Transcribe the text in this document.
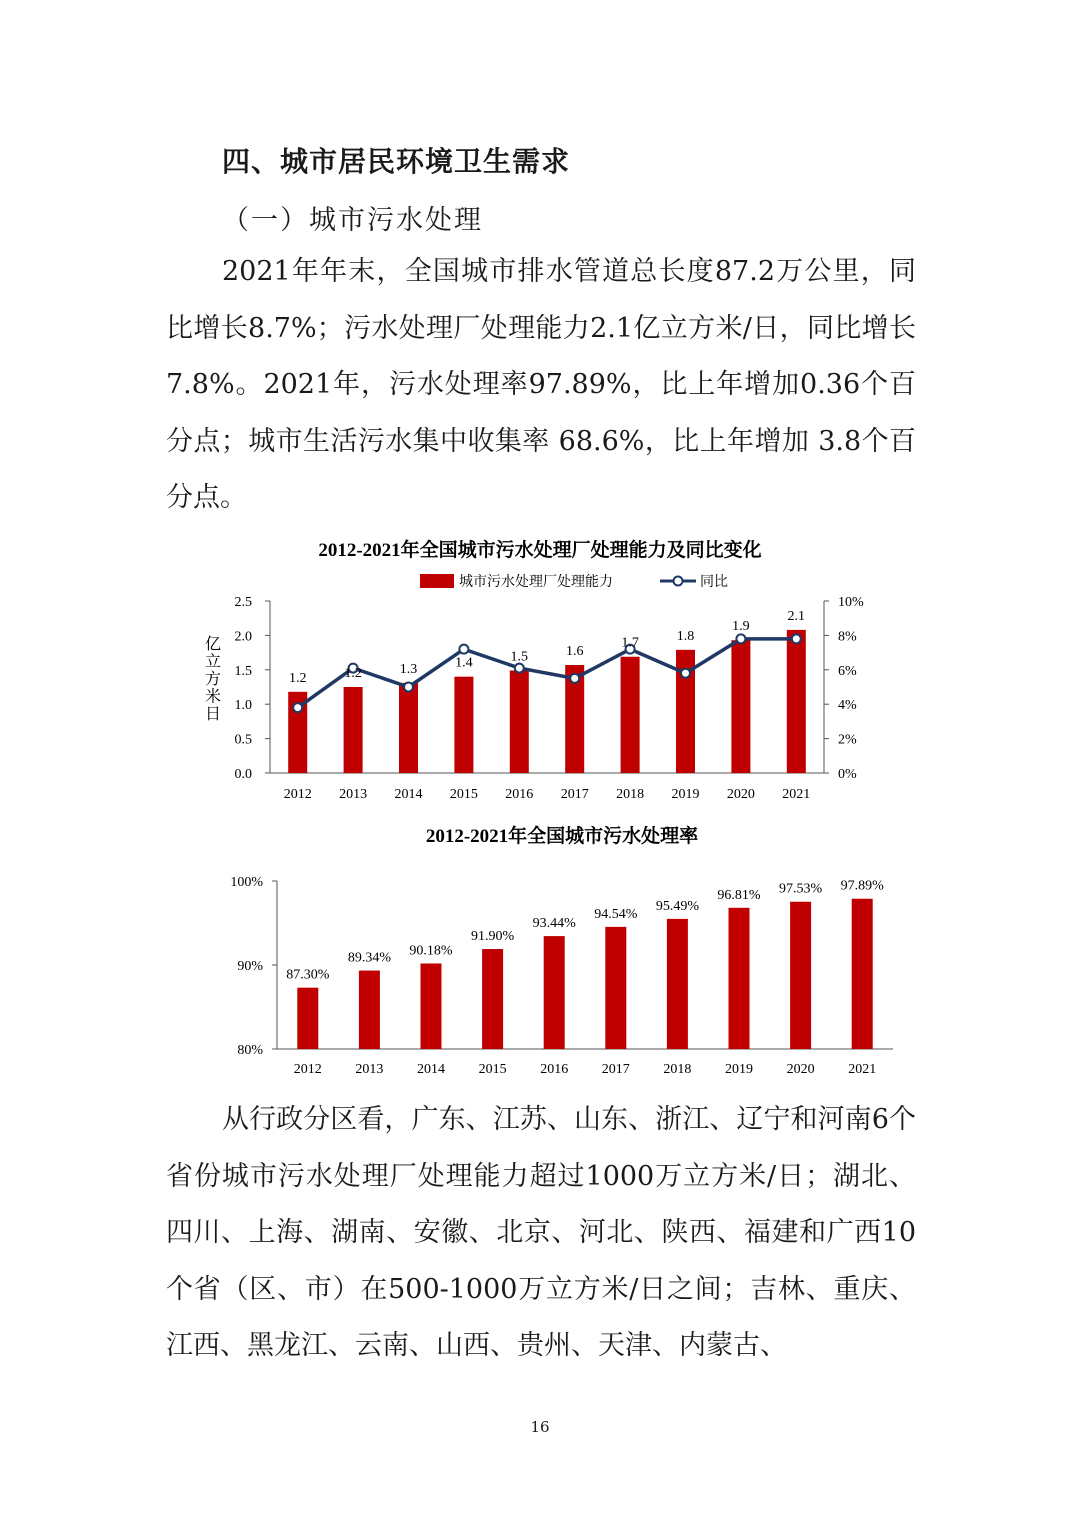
四、城市居民环境卫生需求
（一）城市污水处理

2021年年末，全国城市排水管道总长度87.2万公里，同比增长8.7%；污水处理厂处理能力2.1亿立方米/日，同比增长7.8%。2021年，污水处理率97.89%，比上年增加0.36个百分点；城市生活污水集中收集率 68.6%，比上年增加 3.8个百分点。

2012-2021年全国城市污水处理厂处理能力及同比变化
城市污水处理厂处理能力	同比
0.0
0.5
1.0
1.5
2.0
2.5
0%
2%
4%
6%
8%
10%
亿立方米日
1.2
2012
1.2
2013
1.3
2014
1.4
2015
1.5
2016
1.6
2017
1.7
2018
1.8
2019
1.9
2020
2.1
2021
2012-2021年全国城市污水处理率
80%
90%
100%
87.30%
2012
89.34%
2013
90.18%
2014
91.90%
2015
93.44%
2016
94.54%
2017
95.49%
2018
96.81%
2019
97.53%
2020
97.89%
2021

从行政分区看，广东、江苏、山东、浙江、辽宁和河南6个省份城市污水处理厂处理能力超过1000万立方米/日；湖北、四川、上海、湖南、安徽、北京、河北、陕西、福建和广西10个省（区、市）在500-1000万立方米/日之间；吉林、重庆、江西、黑龙江、云南、山西、贵州、天津、内蒙古、

16
